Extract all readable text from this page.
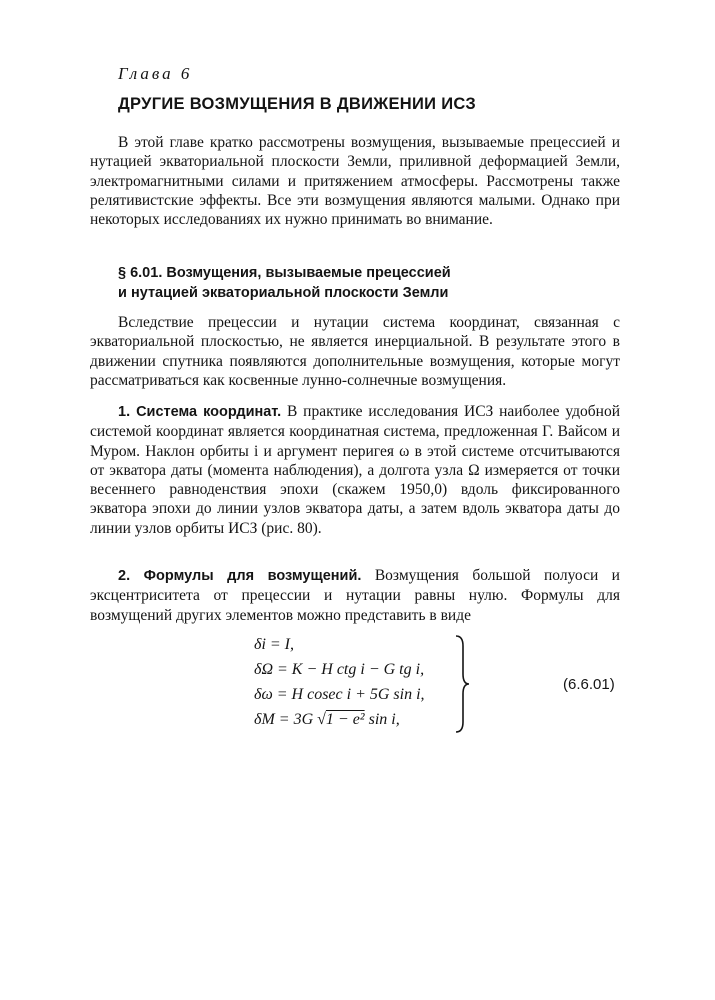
Глава 6
ДРУГИЕ ВОЗМУЩЕНИЯ В ДВИЖЕНИИ ИСЗ

В этой главе кратко рассмотрены возмущения, вызываемые прецессией и нутацией экваториальной плоскости Земли, приливной деформацией Земли, электромагнитными силами и притяжением атмосферы. Рассмотрены также релятивистские эффекты. Все эти возмущения являются малыми. Однако при некоторых исследованиях их нужно принимать во внимание.

§ 6.01. Возмущения, вызываемые прецессией
и нутацией экваториальной плоскости Земли

Вследствие прецессии и нутации система координат, связанная с экваториальной плоскостью, не является инерциальной. В результате этого в движении спутника появляются дополнительные возмущения, которые могут рассматриваться как косвенные лунно-солнечные возмущения.

1. Система координат. В практике исследования ИСЗ наиболее удобной системой координат является координатная система, предложенная Г. Вайсом и Муром. Наклон орбиты i и аргумент перигея ω в этой системе отсчитываются от экватора даты (момента наблюдения), а долгота узла Ω измеряется от точки весеннего равноденствия эпохи (скажем 1950,0) вдоль фиксированного экватора эпохи до линии узлов экватора даты, а затем вдоль экватора даты до линии узлов орбиты ИСЗ (рис. 80).

2. Формулы для возмущений. Возмущения большой полуоси и эксцентриситета от прецессии и нутации равны нулю. Формулы для возмущений других элементов можно представить в виде

δi = I,
δΩ = K − H ctg i − G tg i,
δω = H cosec i + 5G sin i,
δM = 3G √1 − e² sin i,
(6.6.01)
